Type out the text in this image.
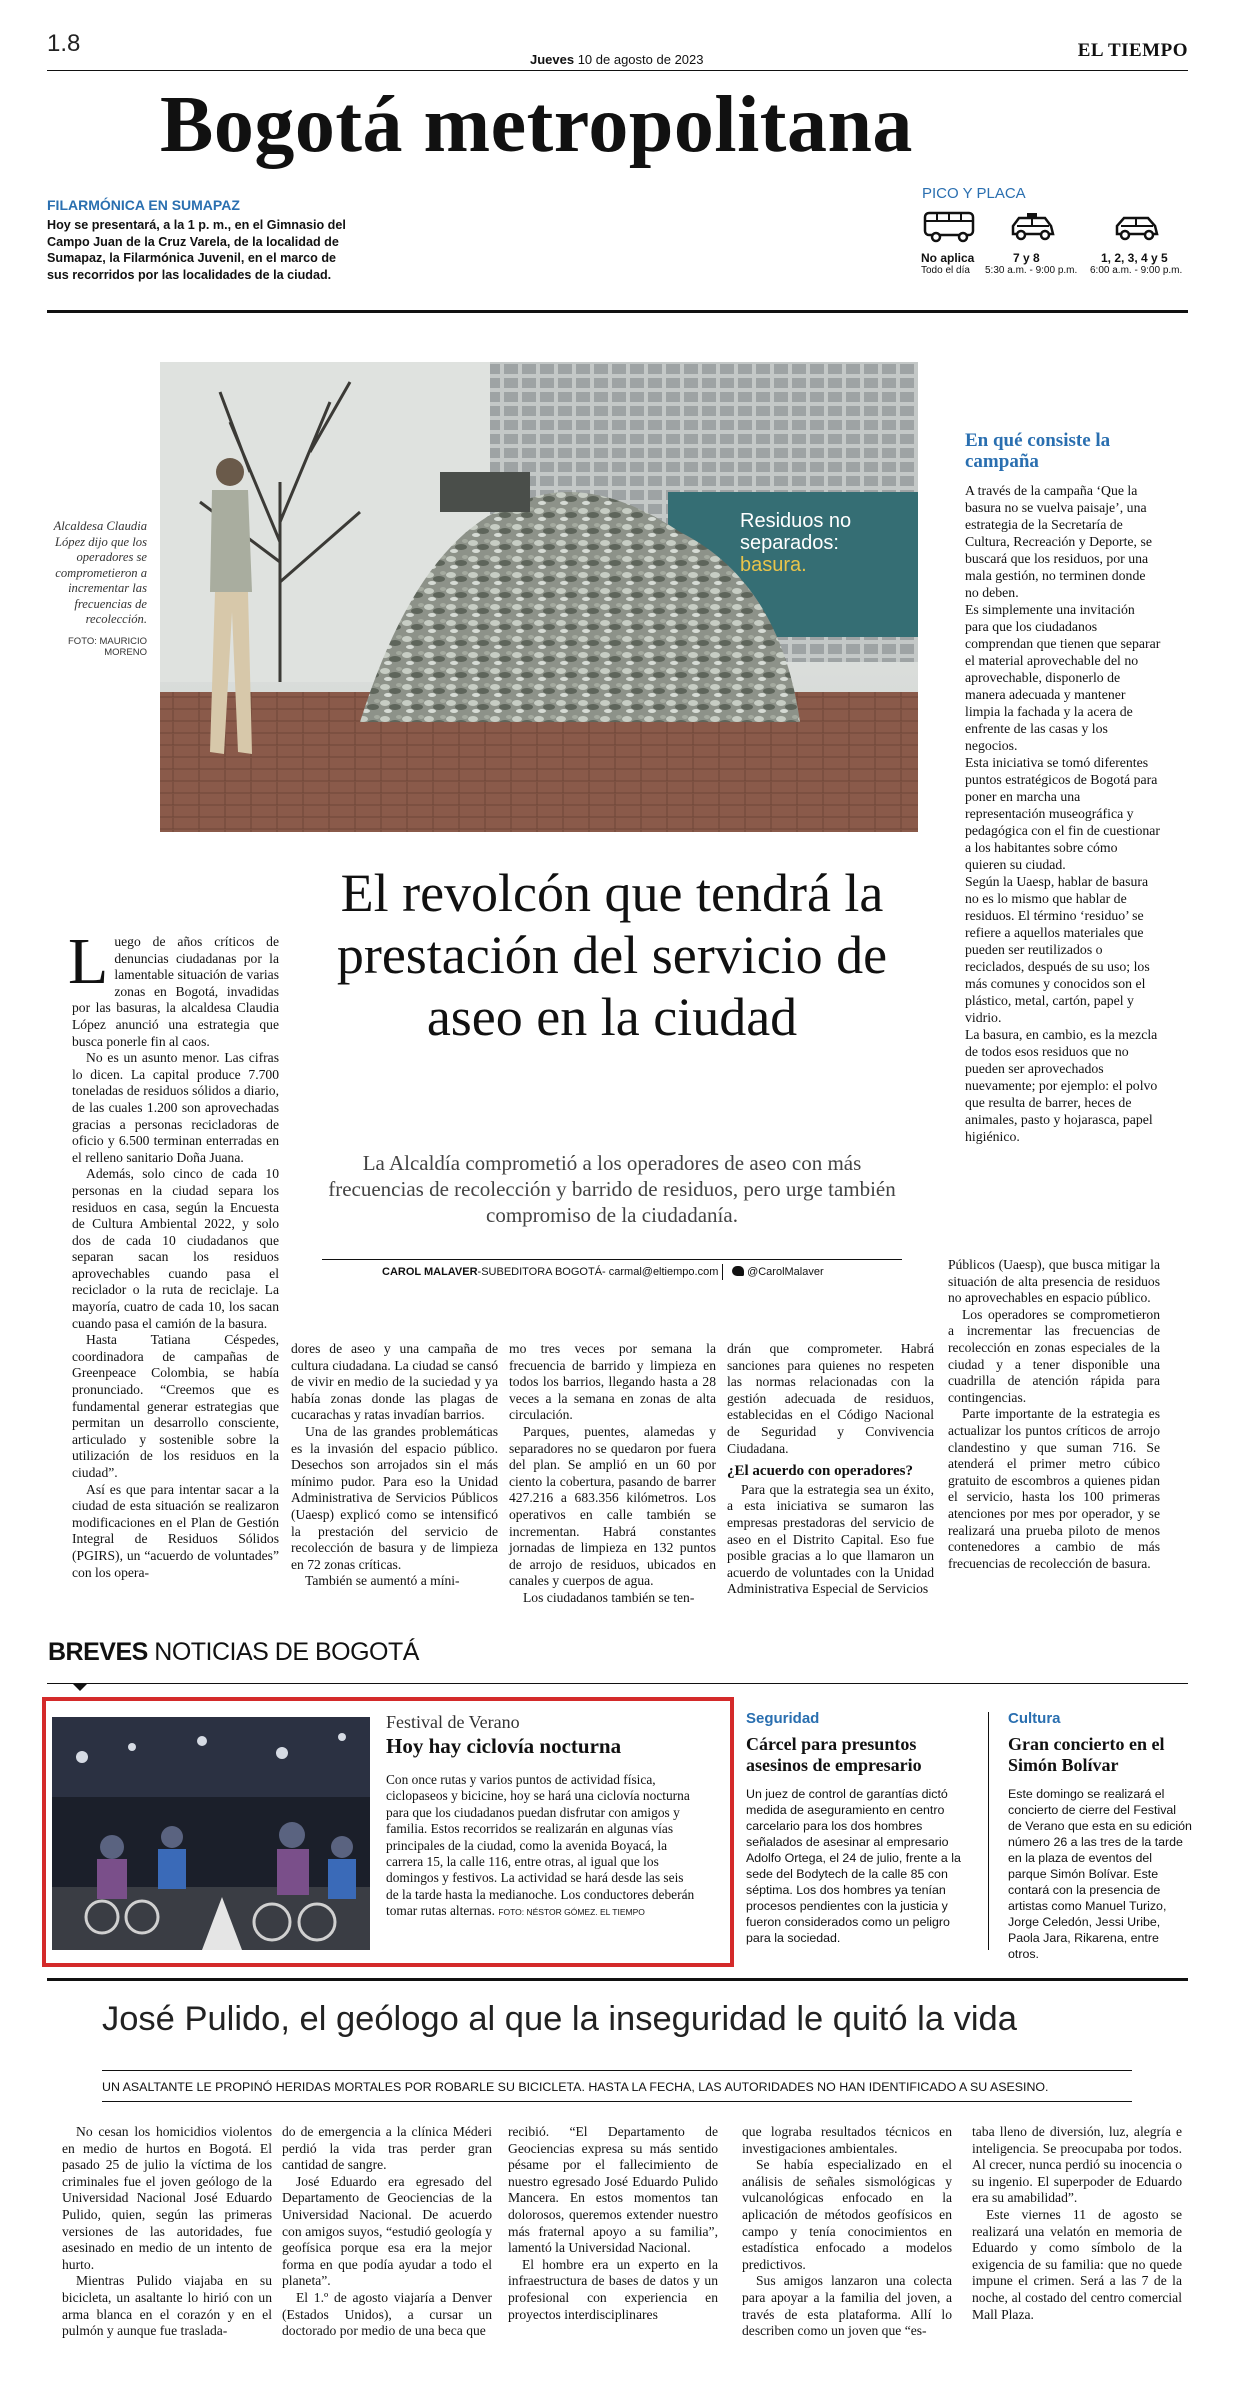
1.8
Jueves 10 de agosto de 2023	EL TIEMPO
Bogotá metropolitana
FILARMÓNICA EN SUMAPAZ
Hoy se presentará, a la 1 p. m., en el Gimnasio del Campo Juan de la Cruz Varela, de la localidad de Sumapaz, la Filarmónica Juvenil, en el marco de sus recorridos por las localidades de la ciudad.
PICO Y PLACA
No aplica
Todo el día
7 y 8
5:30 a.m. - 9:00 p.m.
1, 2, 3, 4 y 5
6:00 a.m. - 9:00 p.m.
Residuos no
separados:
basura.
Alcaldesa Claudia López dijo que los operadores se comprometieron a incrementar las frecuencias de recolección.
FOTO: MAURICIO MORENO
En qué consiste la campaña

A través de la campaña ‘Que la basura no se vuelva paisaje’, una estrategia de la Secretaría de Cultura, Recreación y Deporte, se buscará que los residuos, por una mala gestión, no terminen donde no deben.

Es simplemente una invitación para que los ciudadanos comprendan que tienen que separar el material aprovechable del no aprovechable, disponerlo de manera adecuada y mantener limpia la fachada y la acera de enfrente de las casas y los negocios.

Esta iniciativa se tomó diferentes puntos estratégicos de Bogotá para poner en marcha una representación museográfica y pedagógica con el fin de cuestionar a los habitantes sobre cómo quieren su ciudad.

Según la Uaesp, hablar de basura no es lo mismo que hablar de residuos. El término ‘residuo’ se refiere a aquellos materiales que pueden ser reutilizados o reciclados, después de su uso; los más comunes y conocidos son el plástico, metal, cartón, papel y vidrio.

La basura, en cambio, es la mezcla de todos esos residuos que no pueden ser aprovechados nuevamente; por ejemplo: el polvo que resulta de barrer, heces de animales, pasto y hojarasca, papel higiénico.

El revolcón que tendrá la prestación del servicio de aseo en la ciudad
La Alcaldía comprometió a los operadores de aseo con más frecuencias de recolección y barrido de residuos, pero urge también compromiso de la ciudadanía.
CAROL MALAVER-SUBEDITORA BOGOTÁ- carmal@eltiempo.com	@CarolMalaver

Luego de años críticos de denuncias ciudadanas por la lamentable situación de varias zonas en Bogotá, invadidas por las basuras, la alcaldesa Claudia López anunció una estrategia que busca ponerle fin al caos.

No es un asunto menor. Las cifras lo dicen. La capital produce 7.700 toneladas de residuos sólidos a diario, de las cuales 1.200 son aprovechadas gracias a personas recicladoras de oficio y 6.500 terminan enterradas en el relleno sanitario Doña Juana.

Además, solo cinco de cada 10 personas en la ciudad separa los residuos en casa, según la Encuesta de Cultura Ambiental 2022, y solo dos de cada 10 ciudadanos que separan sacan los residuos aprovechables cuando pasa el reciclador o la ruta de reciclaje. La mayoría, cuatro de cada 10, los sacan cuando pasa el camión de la basura.

Hasta Tatiana Céspedes, coordinadora de campañas de Greenpeace Colombia, se había pronunciado. “Creemos que es fundamental generar estrategias que permitan un desarrollo consciente, articulado y sostenible sobre la utilización de los residuos en la ciudad”.

Así es que para intentar sacar a la ciudad de esta situación se realizaron modificaciones en el Plan de Gestión Integral de Residuos Sólidos (PGIRS), un “acuerdo de voluntades” con los opera-

dores de aseo y una campaña de cultura ciudadana. La ciudad se cansó de vivir en medio de la suciedad y ya había zonas donde las plagas de cucarachas y ratas invadían barrios.

Una de las grandes problemáticas es la invasión del espacio público. Desechos son arrojados sin el más mínimo pudor. Para eso la Unidad Administrativa de Servicios Públicos (Uaesp) explicó como se intensificó la prestación del servicio de recolección de basura y de limpieza en 72 zonas críticas.

También se aumentó a míni-

mo tres veces por semana la frecuencia de barrido y limpieza en todos los barrios, llegando hasta a 28 veces a la semana en zonas de alta circulación.

Parques, puentes, alamedas y separadores no se quedaron por fuera del plan. Se amplió en un 60 por ciento la cobertura, pasando de barrer 427.216 a 683.356 kilómetros. Los operativos en calle también se incrementan. Habrá constantes jornadas de limpieza en 132 puntos de arrojo de residuos, ubicados en canales y cuerpos de agua.

Los ciudadanos también se ten-

drán que comprometer. Habrá sanciones para quienes no respeten las normas relacionadas con la gestión adecuada de residuos, establecidas en el Código Nacional de Seguridad y Convivencia Ciudadana.

¿El acuerdo con operadores?

Para que la estrategia sea un éxito, a esta iniciativa se sumaron las empresas prestadoras del servicio de aseo en el Distrito Capital. Eso fue posible gracias a lo que llamaron un acuerdo de voluntades con la Unidad Administrativa Especial de Servicios

Públicos (Uaesp), que busca mitigar la situación de alta presencia de residuos no aprovechables en espacio público.

Los operadores se comprometieron a incrementar las frecuencias de recolección en zonas especiales de la ciudad y a tener disponible una cuadrilla de atención rápida para contingencias.

Parte importante de la estrategia es actualizar los puntos críticos de arrojo clandestino y que suman 716. Se atenderá el primer metro cúbico gratuito de escombros a quienes pidan el servicio, hasta los 100 primeras atenciones por mes por operador, y se realizará una prueba piloto de menos contenedores a cambio de más frecuencias de recolección de basura.

BREVES NOTICIAS DE BOGOTÁ
Festival de Verano
Hoy hay ciclovía nocturna
Con once rutas y varios puntos de actividad física, ciclopaseos y bicicine, hoy se hará una ciclovía nocturna para que los ciudadanos puedan disfrutar con amigos y familia. Estos recorridos se realizarán en algunas vías principales de la ciudad, como la avenida Boyacá, la carrera 15, la calle 116, entre otras, al igual que los domingos y festivos. La actividad se hará desde las seis de la tarde hasta la medianoche. Los conductores deberán tomar rutas alternas. FOTO: NÉSTOR GÓMEZ. EL TIEMPO
Seguridad
Cárcel para presuntos asesinos de empresario
Un juez de control de garantías dictó medida de aseguramiento en centro carcelario para los dos hombres señalados de asesinar al empresario Adolfo Ortega, el 24 de julio, frente a la sede del Bodytech de la calle 85 con séptima. Los dos hombres ya tenían procesos pendientes con la justicia y fueron considerados como un peligro para la sociedad.
Cultura
Gran concierto en el Simón Bolívar
Este domingo se realizará el concierto de cierre del Festival de Verano que esta en su edición número 26 a las tres de la tarde en la plaza de eventos del parque Simón Bolívar. Este contará con la presencia de artistas como Manuel Turizo, Jorge Celedón, Jessi Uribe, Paola Jara, Rikarena, entre otros.
José Pulido, el geólogo al que la inseguridad le quitó la vida
UN ASALTANTE LE PROPINÓ HERIDAS MORTALES POR ROBARLE SU BICICLETA. HASTA LA FECHA, LAS AUTORIDADES NO HAN IDENTIFICADO A SU ASESINO.

No cesan los homicidios violentos en medio de hurtos en Bogotá. El pasado 25 de julio la víctima de los criminales fue el joven geólogo de la Universidad Nacional José Eduardo Pulido, quien, según las primeras versiones de las autoridades, fue asesinado en medio de un intento de hurto.

Mientras Pulido viajaba en su bicicleta, un asaltante lo hirió con un arma blanca en el corazón y en el pulmón y aunque fue traslada-

do de emergencia a la clínica Méderi perdió la vida tras perder gran cantidad de sangre.

José Eduardo era egresado del Departamento de Geociencias de la Universidad Nacional. De acuerdo con amigos suyos, “estudió geología y geofísica porque esa era la mejor forma en que podía ayudar a todo el planeta”.

El 1.º de agosto viajaría a Denver (Estados Unidos), a cursar un doctorado por medio de una beca que

recibió. “El Departamento de Geociencias expresa su más sentido pésame por el fallecimiento de nuestro egresado José Eduardo Pulido Mancera. En estos momentos tan dolorosos, queremos extender nuestro más fraternal apoyo a su familia”, lamentó la Universidad Nacional.

El hombre era un experto en la infraestructura de bases de datos y un profesional con experiencia en proyectos interdisciplinares

que lograba resultados técnicos en investigaciones ambientales.

Se había especializado en el análisis de señales sismológicas y vulcanológicas enfocado en la aplicación de métodos geofísicos en campo y tenía conocimientos en estadística enfocado a modelos predictivos.

Sus amigos lanzaron una colecta para apoyar a la familia del joven, a través de esta plataforma. Allí lo describen como un joven que “es-

taba lleno de diversión, luz, alegría e inteligencia. Se preocupaba por todos. Al crecer, nunca perdió su inocencia o su ingenio. El superpoder de Eduardo era su amabilidad”.

Este viernes 11 de agosto se realizará una velatón en memoria de Eduardo y como símbolo de la exigencia de su familia: que no quede impune el crimen. Será a las 7 de la noche, al costado del centro comercial Mall Plaza.
